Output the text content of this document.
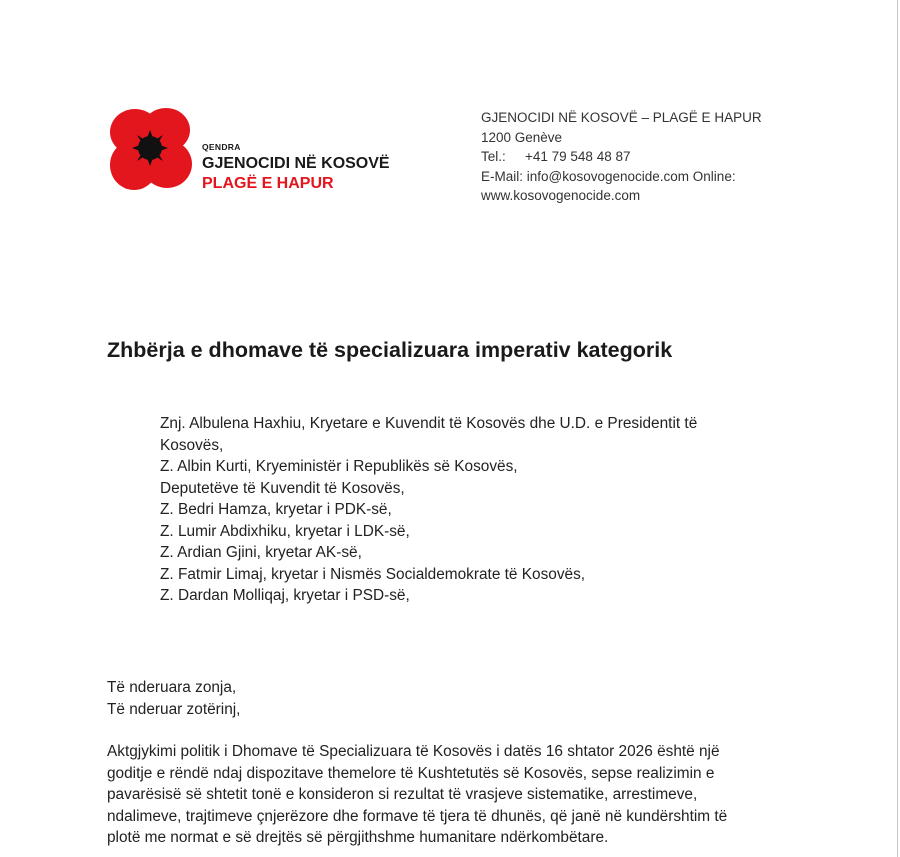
QENDRA
GJENOCIDI NË KOSOVË
PLAGË E HAPUR
GJENOCIDI NË KOSOVË – PLAGË E HAPUR
1200 Genève
Tel.: +41 79 548 48 87
E-Mail: info@kosovogenocide.com Online:
www.kosovogenocide.com
Zhbërja e dhomave të specializuara imperativ kategorik
Znj. Albulena Haxhiu, Kryetare e Kuvendit të Kosovës dhe U.D. e Presidentit të
Kosovës,
Z. Albin Kurti, Kryeministër i Republikës së Kosovës,
Deputetëve të Kuvendit të Kosovës,
Z. Bedri Hamza, kryetar i PDK-së,
Z. Lumir Abdixhiku, kryetar i LDK-së,
Z. Ardian Gjini, kryetar AK-së,
Z. Fatmir Limaj, kryetar i Nismës Socialdemokrate të Kosovës,
Z. Dardan Molliqaj, kryetar i PSD-së,
Të nderuara zonja,
Të nderuar zotërinj,
Aktgjykimi politik i Dhomave të Specializuara të Kosovës i datës 16 shtator 2026 është një
goditje e rëndë ndaj dispozitave themelore të Kushtetutës së Kosovës, sepse realizimin e
pavarësisë së shtetit tonë e konsideron si rezultat të vrasjeve sistematike, arrestimeve,
ndalimeve, trajtimeve çnjerëzore dhe formave të tjera të dhunës, që janë në kundërshtim të
plotë me normat e së drejtës së përgjithshme humanitare ndërkombëtare.
